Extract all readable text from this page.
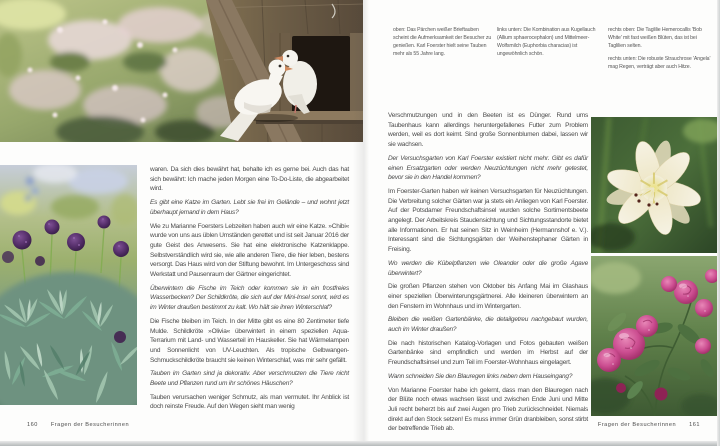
waren. Da sich dies bewährt hat, behalte ich es gerne bei. Auch das hat sich bewährt: Ich mache jeden Morgen eine To-Do-Liste, die abgearbeitet wird.

Es gibt eine Katze im Garten. Lebt sie frei im Gelände – und wohnt jetzt überhaupt jemand in dem Haus?

Wie zu Marianne Foersters Lebzeiten haben auch wir eine Katze. »Chibi« wurde von uns aus üblen Umständen gerettet und ist seit Januar 2016 der gute Geist des Anwesens. Sie hat eine elektronische Katzenklappe. Selbstverständlich wird sie, wie alle anderen Tiere, die hier leben, bestens versorgt. Das Haus wird von der Stiftung bewohnt. Im Untergeschoss sind Werkstatt und Pausenraum der Gärtner eingerichtet.

Überwintern die Fische im Teich oder kommen sie in ein frostfreies Wasserbecken? Der Schildkröte, die sich auf der Mini-Insel sonnt, wird es im Winter draußen bestimmt zu kalt. Wo hält sie ihren Winterschlaf?

Die Fische bleiben im Teich. In der Mitte gibt es eine 80 Zentimeter tiefe Mulde. Schildkröte »Olivia« überwintert in einem speziellen Aqua-Terrarium mit Land- und Wasserteil im Hauskeller. Sie hat Wärmelampen und Sonnenlicht von UV-Leuchten. Als tropische Gelbwangen-Schmuckschildkröte braucht sie keinen Winterschlaf, was mir sehr gefällt.

Tauben im Garten sind ja dekorativ. Aber verschmutzen die Tiere nicht Beete und Pflanzen rund um ihr schönes Häuschen?

Tauben verursachen weniger Schmutz, als man vermutet. Ihr Anblick ist doch reinste Freude. Auf den Wegen sieht man wenig

160 Fragen der Besucherinnen

oben: Das Pärchen weißer Brieftauben scheint die Aufmerksamkeit der Besucher zu genießen. Karl Foerster hielt seine Tauben mehr als 55 Jahre lang.

links unten: Die Kombination aus Kugellauch (Allium sphaerocephalon) und Mittelmeer-Wolfsmilch (Euphorbia characias) ist ungewöhnlich schön.

rechts oben: Die Taglilie Hemerocallis 'Bob White' mit fast weißen Blüten, das ist bei Taglilien selten.

rechts unten: Die robuste Strauchrose 'Angela' mag Regen, verträgt aber auch Hitze.

Verschmutzungen und in den Beeten ist es Dünger. Rund ums Taubenhaus kann allerdings heruntergefallenes Futter zum Problem werden, weil es dort keimt. Sind große Sonnenblumen dabei, lassen wir sie wachsen.

Der Versuchsgarten von Karl Foerster existiert nicht mehr. Gibt es dafür einen Ersatzgarten oder werden Neuzüchtungen nicht mehr getestet, bevor sie in den Handel kommen?

Im Foerster-Garten haben wir keinen Versuchsgarten für Neuzüchtungen. Die Verbreitung solcher Gärten war ja stets ein Anliegen von Karl Foerster. Auf der Potsdamer Freundschaftsinsel wurden solche Sortimentsbeete angelegt. Der Arbeitskreis Staudensichtung und Sichtungsstandorte bietet alle Informationen. Er hat seinen Sitz in Weinheim (Hermannshof e. V.). Interessant sind die Sichtungsgärten der Weihenstephaner Gärten in Freising.

Wo werden die Kübelpflanzen wie Oleander oder die große Agave überwintert?

Die großen Pflanzen stehen von Oktober bis Anfang Mai im Glashaus einer speziellen Überwinterungsgärtnerei. Alle kleineren überwintern an den Fenstern im Wohnhaus und im Wintergarten.

Bleiben die weißen Gartenbänke, die detailgetreu nachgebaut wurden, auch im Winter draußen?

Die nach historischen Katalog-Vorlagen und Fotos gebauten weißen Gartenbänke sind empfindlich und werden im Herbst auf der Freundschaftsinsel und zum Teil im Foerster-Wohnhaus eingelagert.

Wann schneiden Sie den Blauregen links neben dem Hauseingang?

Von Marianne Foerster habe ich gelernt, dass man den Blauregen nach der Blüte noch etwas wachsen lässt und zwischen Ende Juni und Mitte Juli recht beherzt bis auf zwei Augen pro Trieb zurückschneidet. Niemals direkt auf den Stock setzen! Es muss immer Grün dranbleiben, sonst stirbt der betreffende Trieb ab.

Fragen der Besucherinnen 161
